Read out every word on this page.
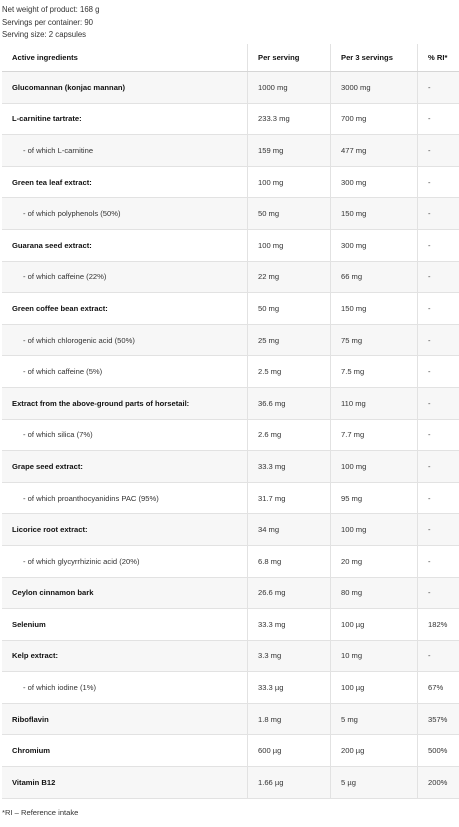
Net weight of product: 168 g
Servings per container: 90
Serving size: 2 capsules
Active ingredients	Per serving	Per 3 servings	% RI*
Glucomannan (konjac mannan)	1000 mg	3000 mg	-
L-carnitine tartrate:	233.3 mg	700 mg	-
- of which L-carnitine	159 mg	477 mg	-
Green tea leaf extract:	100 mg	300 mg	-
- of which polyphenols (50%)	50 mg	150 mg	-
Guarana seed extract:	100 mg	300 mg	-
- of which caffeine (22%)	22 mg	66 mg	-
Green coffee bean extract:	50 mg	150 mg	-
- of which chlorogenic acid (50%)	25 mg	75 mg	-
- of which caffeine (5%)	2.5 mg	7.5 mg	-
Extract from the above-ground parts of horsetail:	36.6 mg	110 mg	-
- of which silica (7%)	2.6 mg	7.7 mg	-
Grape seed extract:	33.3 mg	100 mg	-
- of which proanthocyanidins PAC (95%)	31.7 mg	95 mg	-
Licorice root extract:	34 mg	100 mg	-
- of which glycyrrhizinic acid (20%)	6.8 mg	20 mg	-
Ceylon cinnamon bark	26.6 mg	80 mg	-
Selenium	33.3 mg	100 µg	182%
Kelp extract:	3.3 mg	10 mg	-
- of which iodine (1%)	33.3 µg	100 µg	67%
Riboflavin	1.8 mg	5 mg	357%
Chromium	600 µg	200 µg	500%
Vitamin B12	1.66 µg	5 µg	200%
*RI – Reference intake
